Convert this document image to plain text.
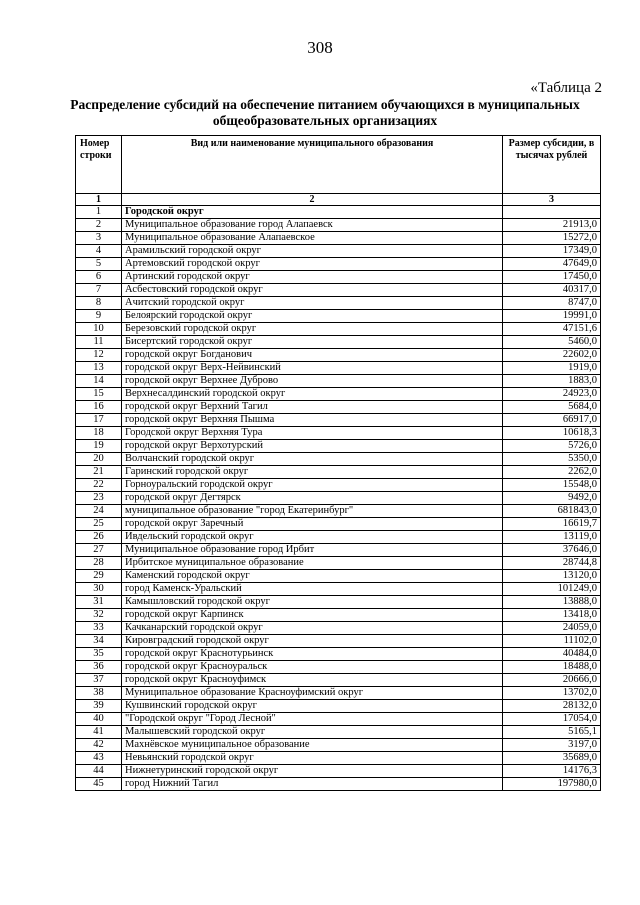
308
«Таблица 2
Распределение субсидий на обеспечение питанием обучающихся в муниципальных общеобразовательных организациях
Номер строки	Вид или наименование муниципального образования	Размер субсидии, в тысячах рублей
1	2	3
1	Городской округ	
2	Муниципальное образование город Алапаевск	21913,0
3	Муниципальное образование Алапаевское	15272,0
4	Арамильский городской округ	17349,0
5	Артемовский городской округ	47649,0
6	Артинский городской округ	17450,0
7	Асбестовский городской округ	40317,0
8	Ачитский городской округ	8747,0
9	Белоярский городской округ	19991,0
10	Березовский городской округ	47151,6
11	Бисертский городской округ	5460,0
12	городской округ Богданович	22602,0
13	городской округ Верх-Нейвинский	1919,0
14	городской округ Верхнее Дуброво	1883,0
15	Верхнесалдинский городской округ	24923,0
16	городской округ Верхний Тагил	5684,0
17	городской округ Верхняя Пышма	66917,0
18	Городской округ Верхняя Тура	10618,3
19	городской округ Верхотурский	5726,0
20	Волчанский городской округ	5350,0
21	Гаринский городской округ	2262,0
22	Горноуральский городской округ	15548,0
23	городской округ Дегтярск	9492,0
24	муниципальное образование "город Екатеринбург"	681843,0
25	городской округ Заречный	16619,7
26	Ивдельский городской округ	13119,0
27	Муниципальное образование город Ирбит	37646,0
28	Ирбитское муниципальное образование	28744,8
29	Каменский городской округ	13120,0
30	город Каменск-Уральский	101249,0
31	Камышловский городской округ	13888,0
32	городской округ Карпинск	13418,0
33	Качканарский городской округ	24059,0
34	Кировградский городской округ	11102,0
35	городской округ Краснотурьинск	40484,0
36	городской округ Красноуральск	18488,0
37	городской округ Красноуфимск	20666,0
38	Муниципальное образование Красноуфимский округ	13702,0
39	Кушвинский городской округ	28132,0
40	"Городской округ "Город Лесной"	17054,0
41	Малышевский городской округ	5165,1
42	Махнёвское муниципальное образование	3197,0
43	Невьянский городской округ	35689,0
44	Нижнетуринский городской округ	14176,3
45	город Нижний Тагил	197980,0
